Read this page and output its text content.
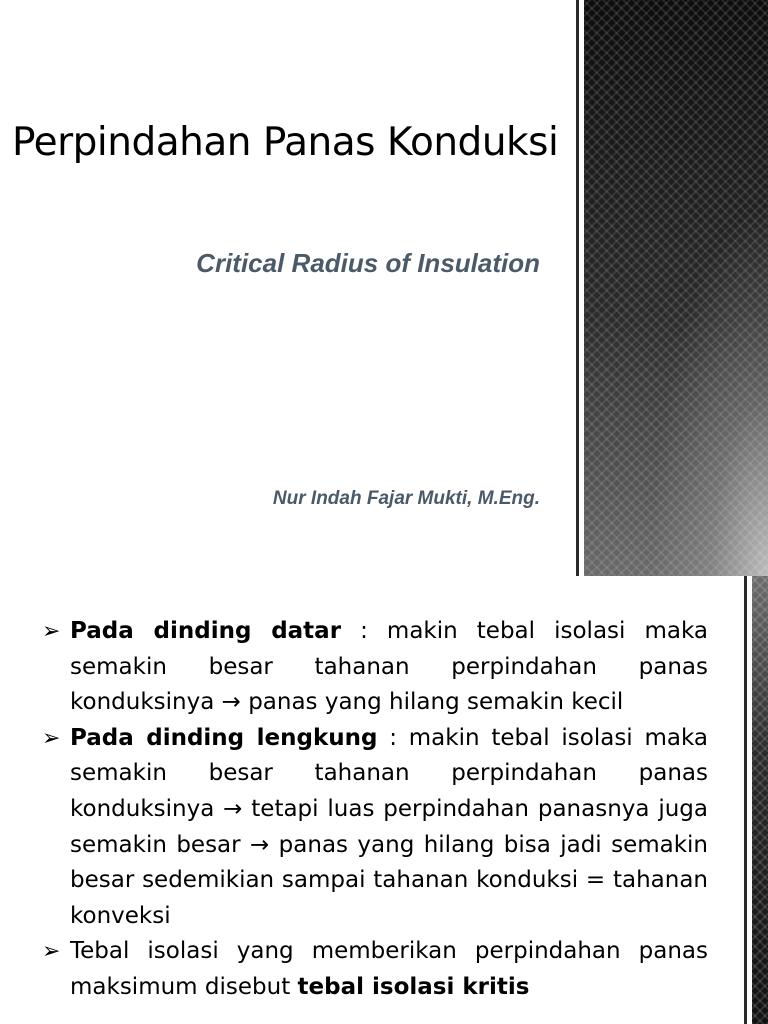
Perpindahan Panas Konduksi
Critical Radius of Insulation
Nur Indah Fajar Mukti, M.Eng.
➢ Pada dinding datar : makin tebal isolasi maka semakin besar tahanan perpindahan panas konduksinya → panas yang hilang semakin kecil
➢ Pada dinding lengkung : makin tebal isolasi maka semakin besar tahanan perpindahan panas konduksinya → tetapi luas perpindahan panasnya juga semakin besar → panas yang hilang bisa jadi semakin besar sedemikian sampai tahanan konduksi = tahanan konveksi
➢ Tebal isolasi yang memberikan perpindahan panas maksimum disebut tebal isolasi kritis
